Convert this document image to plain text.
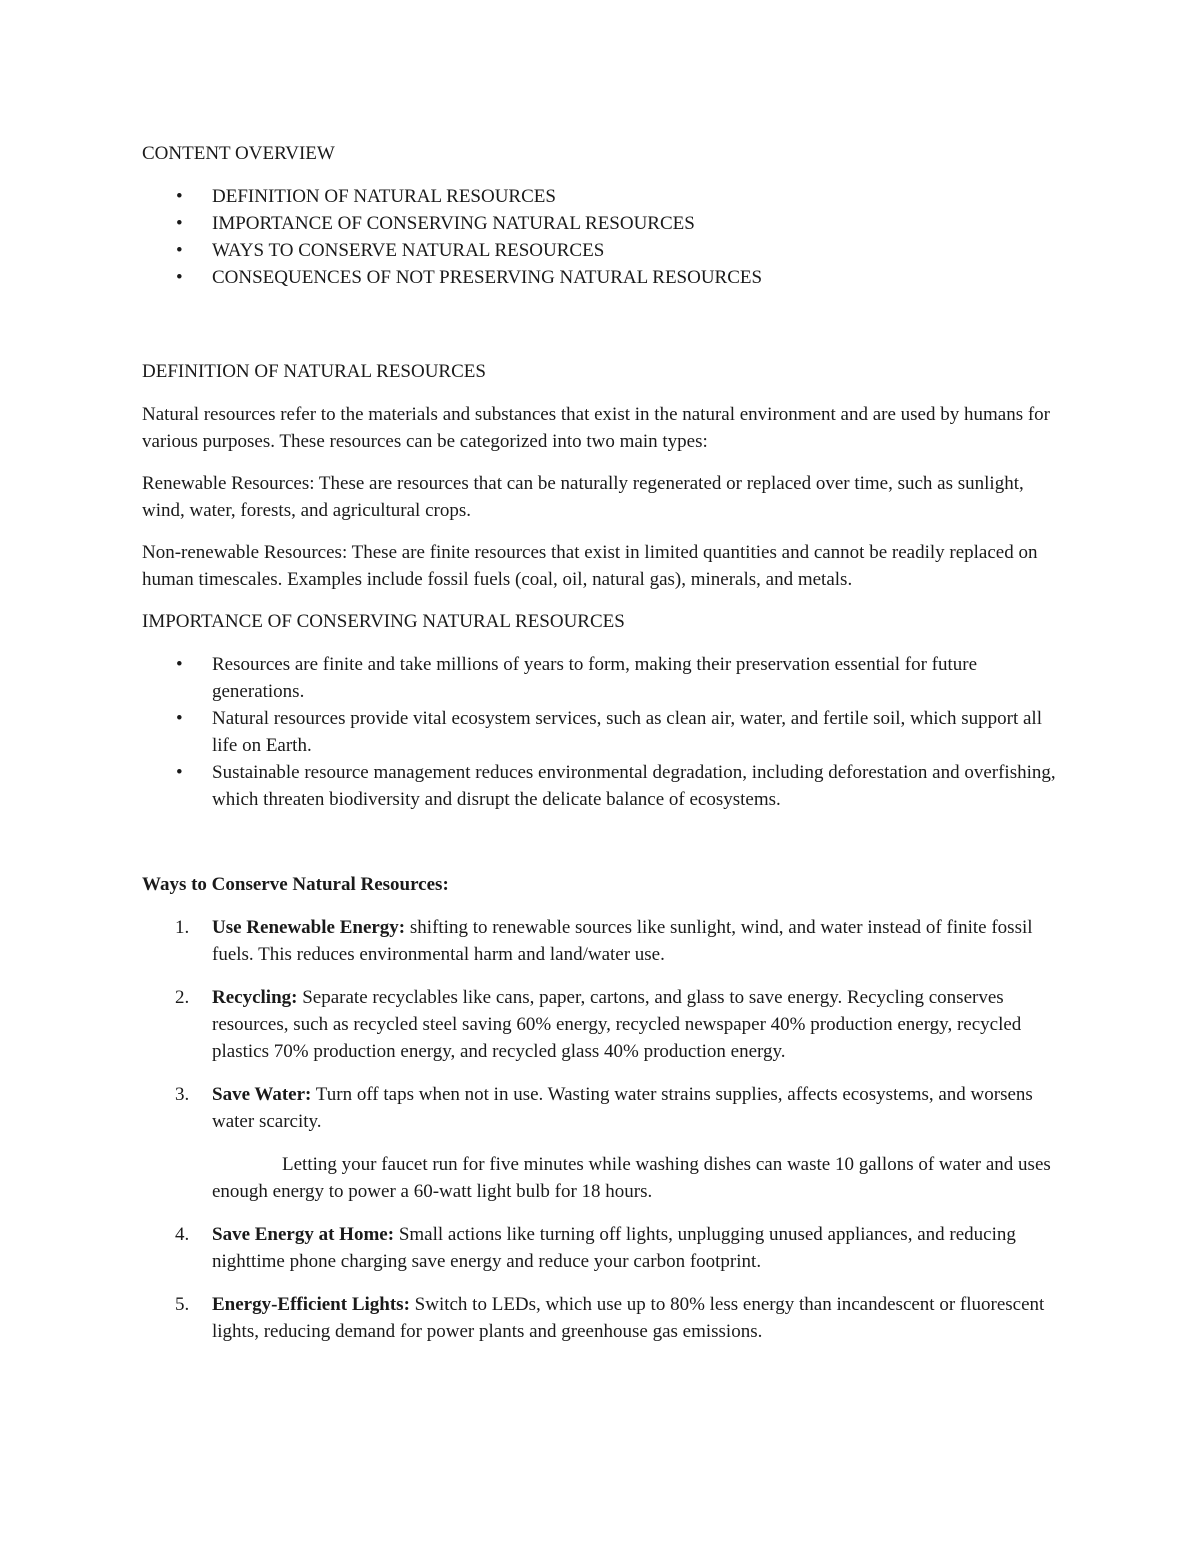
CONTENT OVERVIEW

•	DEFINITION OF NATURAL RESOURCES
•	IMPORTANCE OF CONSERVING NATURAL RESOURCES
•	WAYS TO CONSERVE NATURAL RESOURCES
•	CONSEQUENCES OF NOT PRESERVING NATURAL RESOURCES

DEFINITION OF NATURAL RESOURCES

Natural resources refer to the materials and substances that exist in the natural environment and are used by humans for various purposes. These resources can be categorized into two main types:

Renewable Resources: These are resources that can be naturally regenerated or replaced over time, such as sunlight, wind, water, forests, and agricultural crops.

Non-renewable Resources: These are finite resources that exist in limited quantities and cannot be readily replaced on human timescales. Examples include fossil fuels (coal, oil, natural gas), minerals, and metals.

IMPORTANCE OF CONSERVING NATURAL RESOURCES

•	Resources are finite and take millions of years to form, making their preservation essential for future generations.
•	Natural resources provide vital ecosystem services, such as clean air, water, and fertile soil, which support all life on Earth.
•	Sustainable resource management reduces environmental degradation, including deforestation and overfishing, which threaten biodiversity and disrupt the delicate balance of ecosystems.

Ways to Conserve Natural Resources:

1. Use Renewable Energy: shifting to renewable sources like sunlight, wind, and water instead of finite fossil fuels. This reduces environmental harm and land/water use.
2. Recycling: Separate recyclables like cans, paper, cartons, and glass to save energy. Recycling conserves resources, such as recycled steel saving 60% energy, recycled newspaper 40% production energy, recycled plastics 70% production energy, and recycled glass 40% production energy.
3. Save Water: Turn off taps when not in use. Wasting water strains supplies, affects ecosystems, and worsens water scarcity.

Letting your faucet run for five minutes while washing dishes can waste 10 gallons of water and uses enough energy to power a 60-watt light bulb for 18 hours.

4. Save Energy at Home: Small actions like turning off lights, unplugging unused appliances, and reducing nighttime phone charging save energy and reduce your carbon footprint.
5. Energy-Efficient Lights: Switch to LEDs, which use up to 80% less energy than incandescent or fluorescent lights, reducing demand for power plants and greenhouse gas emissions.
